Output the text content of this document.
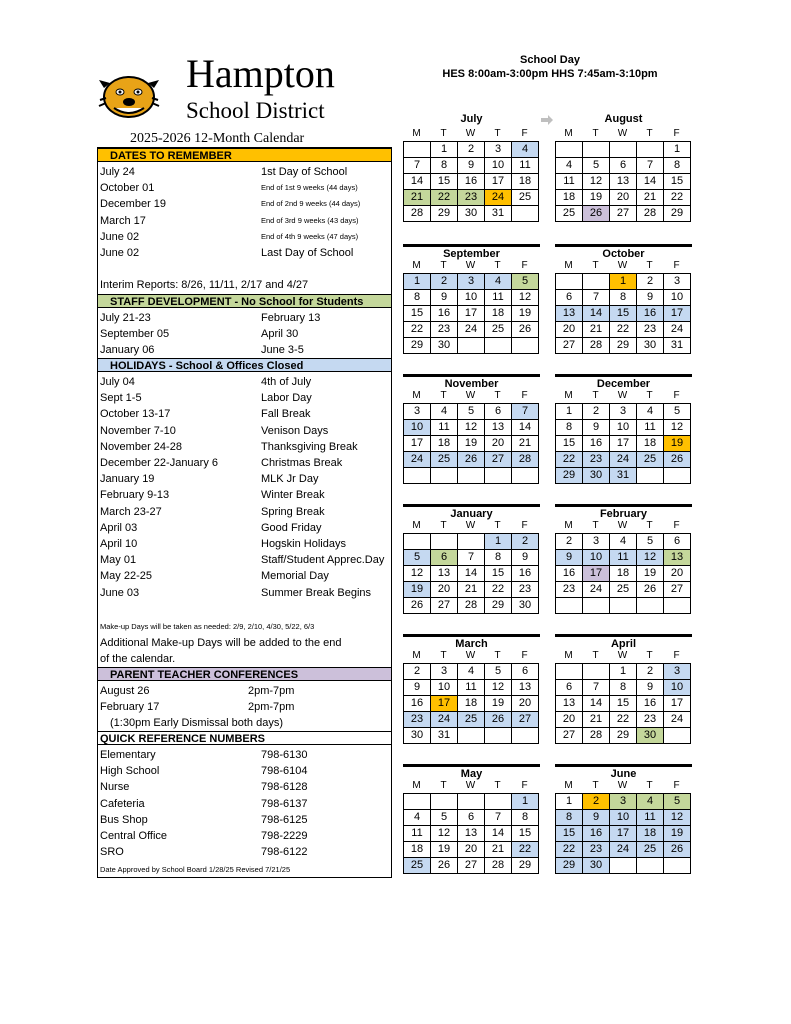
Hampton
School District
2025-2026 12-Month Calendar
School Day
HES 8:00am-3:00pm HHS 7:45am-3:10pm
DATES TO REMEMBER
July 24	1st Day of School
October 01	End of 1st 9 weeks (44 days)
December 19	End of 2nd 9 weeks (44 days)
March 17	End of 3rd 9 weeks (43 days)
June 02	End of 4th 9 weeks (47 days)
June 02	Last Day of School
Interim Reports: 8/26, 11/11, 2/17 and 4/27
STAFF DEVELOPMENT - No School for Students
July 21-23	February 13
September 05	April 30
January 06	June 3-5
HOLIDAYS - School & Offices Closed
July 04	4th of July
Sept 1-5	Labor Day
October 13-17	Fall Break
November 7-10	Venison Days
November 24-28	Thanksgiving Break
December 22-January 6	Christmas Break
January 19	MLK Jr Day
February 9-13	Winter Break
March 23-27	Spring Break
April 03	Good Friday
April 10	Hogskin Holidays
May 01	Staff/Student Apprec.Day
May 22-25	Memorial Day
June 03	Summer Break Begins
Make-up Days will be taken as needed: 2/9, 2/10, 4/30, 5/22, 6/3
Additional Make-up Days will be added to the end
of the calendar.
PARENT TEACHER CONFERENCES
August 26	2pm-7pm
February 17	2pm-7pm
(1:30pm Early Dismissal both days)
QUICK REFERENCE NUMBERS
Elementary	798-6130
High School	798-6104
Nurse	798-6128
Cafeteria	798-6137
Bus Shop	798-6125
Central Office	798-2229
SRO	798-6122
Date Approved by School Board 1/28/25 Revised 7/21/25
July
M	T	W	T	F
	1	2	3	4
7	8	9	10	11
14	15	16	17	18
21	22	23	24	25
28	29	30	31	
August
M	T	W	T	F
				1
4	5	6	7	8
11	12	13	14	15
18	19	20	21	22
25	26	27	28	29
September
M	T	W	T	F
1	2	3	4	5
8	9	10	11	12
15	16	17	18	19
22	23	24	25	26
29	30			
October
M	T	W	T	F
		1	2	3
6	7	8	9	10
13	14	15	16	17
20	21	22	23	24
27	28	29	30	31
November
M	T	W	T	F
3	4	5	6	7
10	11	12	13	14
17	18	19	20	21
24	25	26	27	28

December
M	T	W	T	F
1	2	3	4	5
8	9	10	11	12
15	16	17	18	19
22	23	24	25	26
29	30	31		
January
M	T	W	T	F
			1	2
5	6	7	8	9
12	13	14	15	16
19	20	21	22	23
26	27	28	29	30
February
M	T	W	T	F
2	3	4	5	6
9	10	11	12	13
16	17	18	19	20
23	24	25	26	27

March
M	T	W	T	F
2	3	4	5	6
9	10	11	12	13
16	17	18	19	20
23	24	25	26	27
30	31			
April
M	T	W	T	F
		1	2	3
6	7	8	9	10
13	14	15	16	17
20	21	22	23	24
27	28	29	30	
May
M	T	W	T	F
				1
4	5	6	7	8
11	12	13	14	15
18	19	20	21	22
25	26	27	28	29
June
M	T	W	T	F
1	2	3	4	5
8	9	10	11	12
15	16	17	18	19
22	23	24	25	26
29	30			
